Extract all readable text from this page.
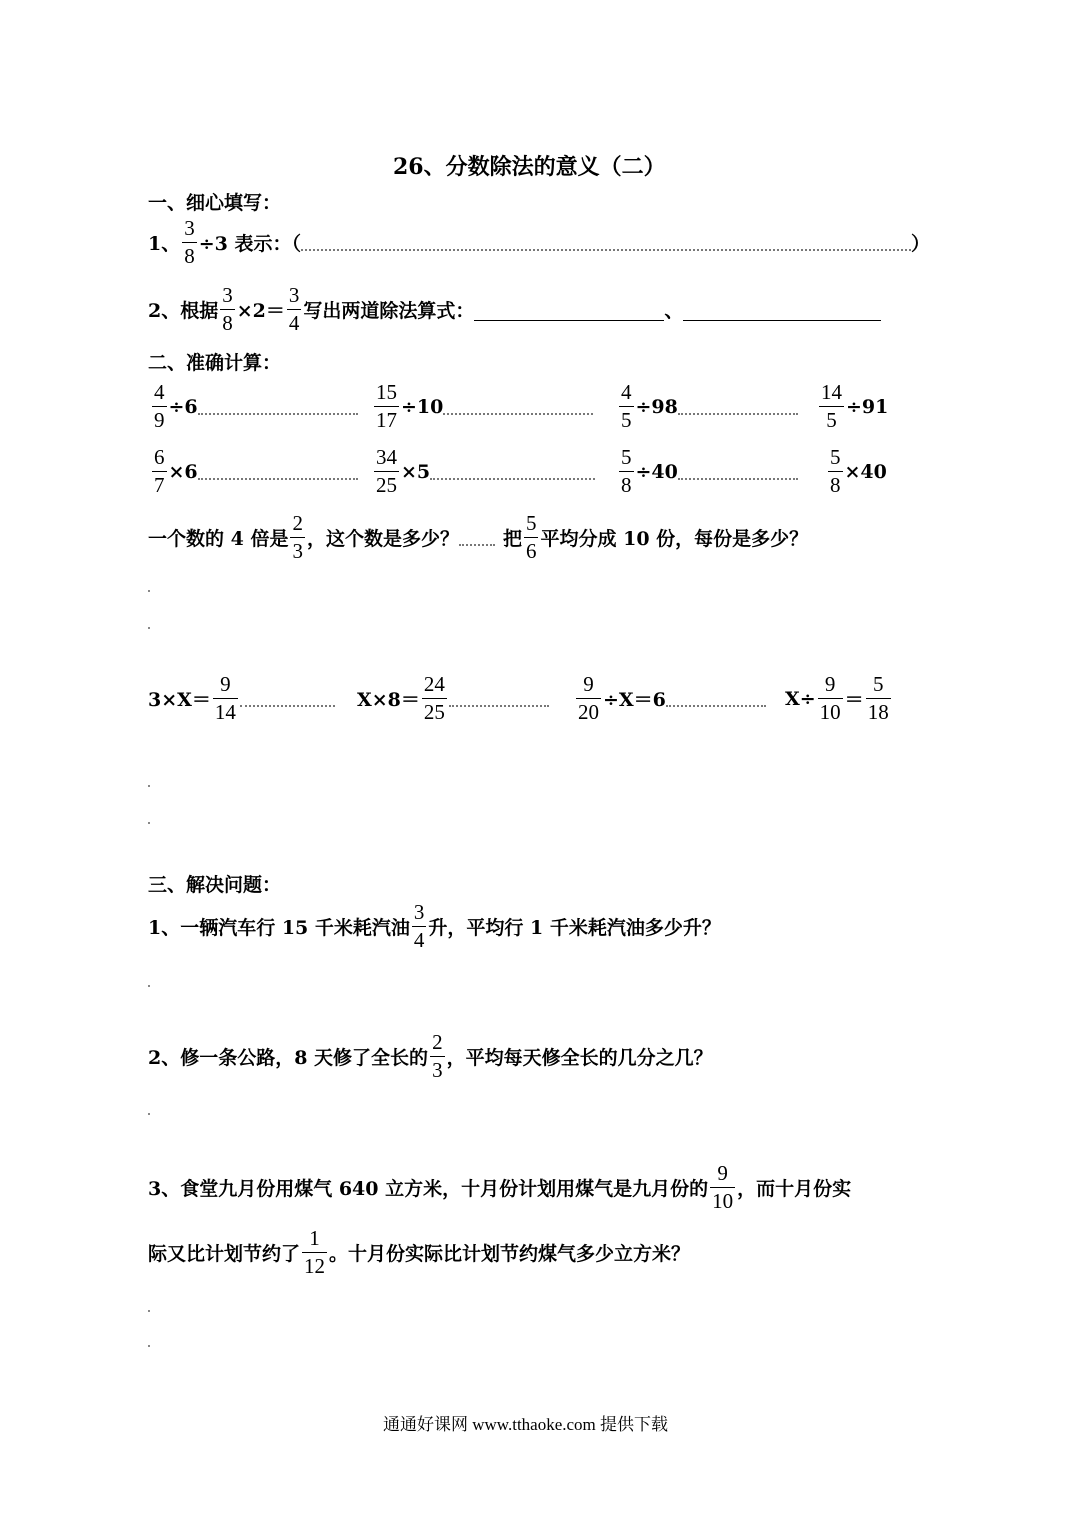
26、分数除法的意义（二）
一、细心填写：
1、 $\frac{3}{8} \div 3$ 表示：（	）
2、根据 $\frac{3}{8} \times 2= \frac{3}{4}$ 写出两道除法算式：	、
二、准确计算：
$\frac{4}{9} \div 6$	$\frac{15}{17} \div 10$	$\frac{4}{5} \div 98$	$\frac{14}{5} \div 91$
$\frac{6}{7} \times 6$	$\frac{34}{25} \times 5$	$\frac{5}{8} \div 40$	$\frac{5}{8} \times 40$
一个数的 4 倍是 $\frac{2}{3}$ ，这个数是多少？ 把 $\frac{5}{6}$ 平均分成 10 份，每份是多少？
$3\times X= \frac{9}{14}$	$X\times 8= \frac{24}{25}$	$\frac{9}{20} \div X=6$	$X\div \frac{9}{10} = \frac{5}{18}$
三、解决问题：
1、一辆汽车行 15 千米耗汽油 $\frac{3}{4}$ 升，平均行 1 千米耗汽油多少升？
2、修一条公路，8 天修了全长的 $\frac{2}{3}$ ，平均每天修全长的几分之几？
3、食堂九月份用煤气 640 立方米，十月份计划用煤气是九月份的 $\frac{9}{10}$ ，而十月份实
际又比计划节约了 $\frac{1}{12}$ 。十月份实际比计划节约煤气多少立方米？
通通好课网 www.tthaoke.com 提供下载
